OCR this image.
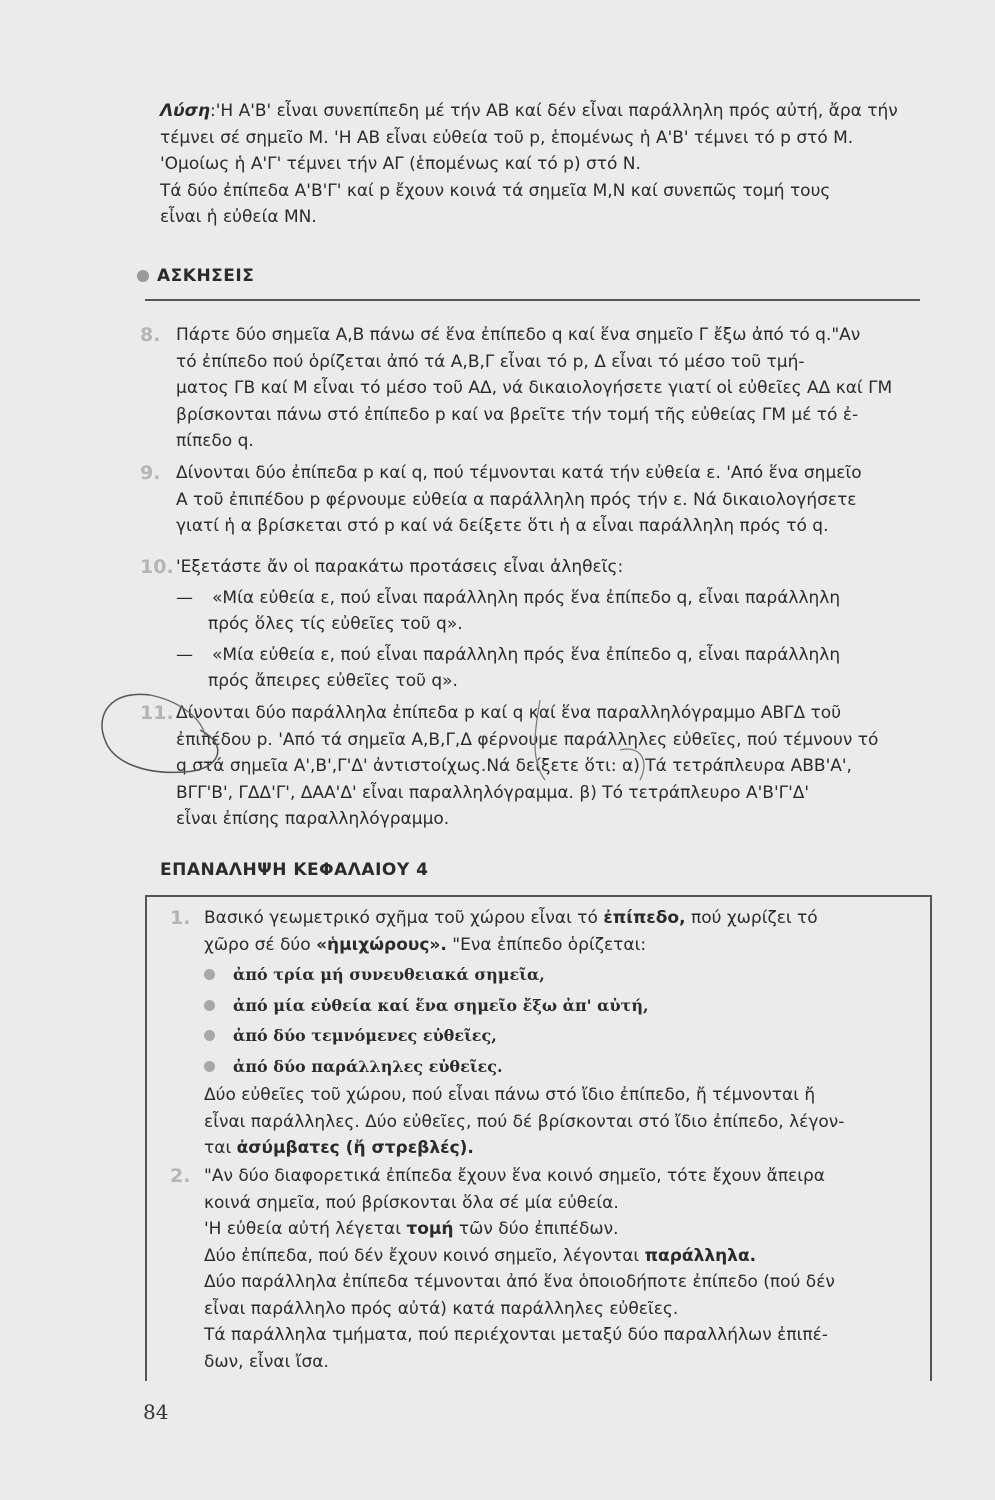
Λύση:'Η Α'Β' εἶναι συνεπίπεδη μέ τήν ΑΒ καί δέν εἶναι παράλληλη πρός αὐτή, ἄρα τήν
τέμνει σέ σημεῖο Μ. 'Η ΑΒ εἶναι εὐθεία τοῦ p, ἑπομένως ἡ Α'Β' τέμνει τό p στό Μ.
'Ομοίως ἡ Α'Γ' τέμνει τήν ΑΓ (ἑπομένως καί τό p) στό Ν.
Τά δύο ἐπίπεδα Α'Β'Γ' καί p ἔχουν κοινά τά σημεῖα Μ,Ν καί συνεπῶς τομή τους
εἶναι ἡ εὐθεία ΜΝ.
ΑΣΚΗΣΕΙΣ
8. Πάρτε δύο σημεῖα Α,Β πάνω σέ ἕνα ἐπίπεδο q καί ἕνα σημεῖο Γ ἔξω ἀπό τό q."Αν
τό ἐπίπεδο πού ὁρίζεται ἀπό τά Α,Β,Γ εἶναι τό p, Δ εἶναι τό μέσο τοῦ τμή-
ματος ΓΒ καί Μ εἶναι τό μέσο τοῦ ΑΔ, νά δικαιολογήσετε γιατί οἱ εὐθεῖες ΑΔ καί ΓΜ
βρίσκονται πάνω στό ἐπίπεδο p καί να βρεῖτε τήν τομή τῆς εὐθείας ΓΜ μέ τό ἐ-
πίπεδο q.
9. Δίνονται δύο ἐπίπεδα p καί q, πού τέμνονται κατά τήν εὐθεία ε. 'Από ἕνα σημεῖο
Α τοῦ ἐπιπέδου p φέρνουμε εὐθεία α παράλληλη πρός τήν ε. Νά δικαιολογήσετε
γιατί ἡ α βρίσκεται στό p καί νά δείξετε ὅτι ἡ α εἶναι παράλληλη πρός τό q.
10. 'Εξετάστε ἄν οἱ παρακάτω προτάσεις εἶναι ἀληθεῖς:
— «Μία εὐθεία ε, πού εἶναι παράλληλη πρός ἕνα ἐπίπεδο q, εἶναι παράλληλη
πρός ὅλες τίς εὐθεῖες τοῦ q».
— «Μία εὐθεία ε, πού εἶναι παράλληλη πρός ἕνα ἐπίπεδο q, εἶναι παράλληλη
πρός ἄπειρες εὐθεῖες τοῦ q».
11. Δίνονται δύο παράλληλα ἐπίπεδα p καί q καί ἕνα παραλληλόγραμμο ΑΒΓΔ τοῦ
ἐπιπέδου p. 'Από τά σημεῖα Α,Β,Γ,Δ φέρνουμε παράλληλες εὐθεῖες, πού τέμνουν τό
q στά σημεῖα Α',Β',Γ'Δ' ἀντιστοίχως.Νά δείξετε ὅτι: α) Τά τετράπλευρα ΑΒΒ'Α',
ΒΓΓ'Β', ΓΔΔ'Γ', ΔΑΑ'Δ' εἶναι παραλληλόγραμμα. β) Τό τετράπλευρο Α'Β'Γ'Δ'
εἶναι ἐπίσης παραλληλόγραμμο.
ΕΠΑΝΑΛΗΨΗ ΚΕΦΑΛΑΙΟΥ 4
1. Βασικό γεωμετρικό σχῆμα τοῦ χώρου εἶναι τό ἐπίπεδο, πού χωρίζει τό
χῶρο σέ δύο «ἡμιχώρους». "Ενα ἐπίπεδο ὁρίζεται:
ἀπό τρία μή συνευθειακά σημεῖα,
ἀπό μία εὐθεία καί ἕνα σημεῖο ἔξω ἀπ' αὐτή,
ἀπό δύο τεμνόμενες εὐθεῖες,
ἀπό δύο παράλληλες εὐθεῖες.
Δύο εὐθεῖες τοῦ χώρου, πού εἶναι πάνω στό ἴδιο ἐπίπεδο, ἤ τέμνονται ἤ
εἶναι παράλληλες. Δύο εὐθεῖες, πού δέ βρίσκονται στό ἴδιο ἐπίπεδο, λέγον-
ται ἀσύμβατες (ἤ στρεβλές).
2. "Αν δύο διαφορετικά ἐπίπεδα ἔχουν ἕνα κοινό σημεῖο, τότε ἔχουν ἄπειρα
κοινά σημεῖα, πού βρίσκονται ὅλα σέ μία εὐθεία.
'Η εὐθεία αὐτή λέγεται τομή τῶν δύο ἐπιπέδων.
Δύο ἐπίπεδα, πού δέν ἔχουν κοινό σημεῖο, λέγονται παράλληλα.
Δύο παράλληλα ἐπίπεδα τέμνονται ἀπό ἕνα ὁποιοδήποτε ἐπίπεδο (πού δέν
εἶναι παράλληλο πρός αὐτά) κατά παράλληλες εὐθεῖες.
Τά παράλληλα τμήματα, πού περιέχονται μεταξύ δύο παραλλήλων ἐπιπέ-
δων, εἶναι ἴσα.
84
